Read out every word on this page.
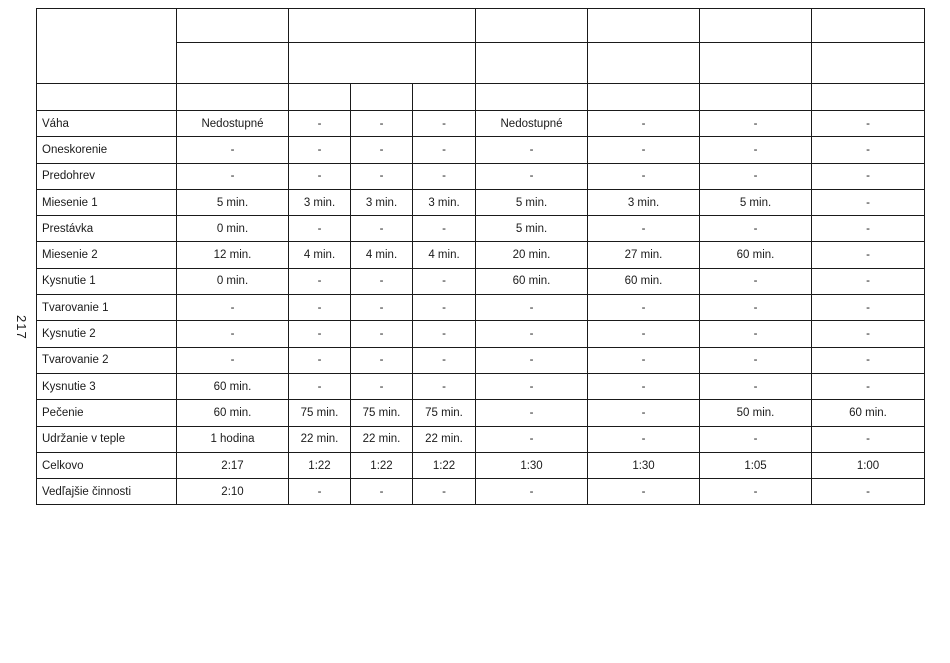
217

Váha	Nedostupné	-	-	-	Nedostupné	-	-	-
Oneskorenie	-	-	-	-	-	-	-	-
Predohrev	-	-	-	-	-	-	-	-
Miesenie 1	5 min.	3 min.	3 min.	3 min.	5 min.	3 min.	5 min.	-
Prestávka	0 min.	-	-	-	5 min.	-	-	-
Miesenie 2	12 min.	4 min.	4 min.	4 min.	20 min.	27 min.	60 min.	-
Kysnutie 1	0 min.	-	-	-	60 min.	60 min.	-	-
Tvarovanie 1	-	-	-	-	-	-	-	-
Kysnutie 2	-	-	-	-	-	-	-	-
Tvarovanie 2	-	-	-	-	-	-	-	-
Kysnutie 3	60 min.	-	-	-	-	-	-	-
Pečenie	60 min.	75 min.	75 min.	75 min.	-	-	50 min.	60 min.
Udržanie v teple	1 hodina	22 min.	22 min.	22 min.	-	-	-	-
Celkovo	2:17	1:22	1:22	1:22	1:30	1:30	1:05	1:00
Vedľajšie činnosti	2:10	-	-	-	-	-	-	-
